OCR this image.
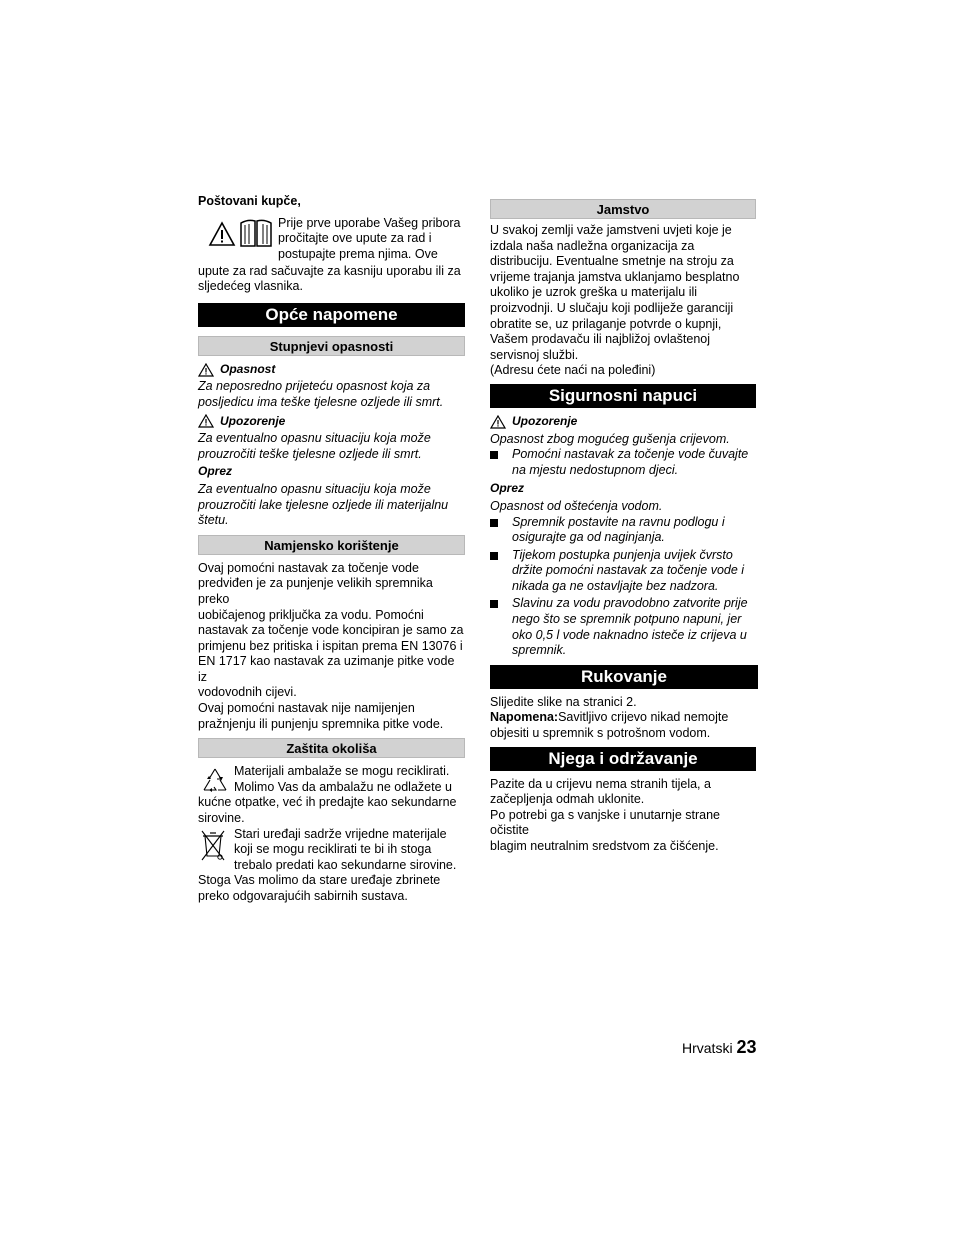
Poštovani kupče,

Prije prve uporabe Vašeg pribora

pročitajte ove upute za rad i

postupajte prema njima. Ove

upute za rad sačuvajte za kasniju uporabu ili za

sljedećeg vlasnika.

Opće napomene
Stupnjevi opasnosti
Opasnost

Za neposredno prijeteću opasnost koja za

posljedicu ima teške tjelesne ozljede ili smrt.

Upozorenje

Za eventualno opasnu situaciju koja može

prouzročiti teške tjelesne ozljede ili smrt.

Oprez

Za eventualno opasnu situaciju koja može

prouzročiti lake tjelesne ozljede ili materijalnu

štetu.

Namjensko korištenje

Ovaj pomoćni nastavak za točenje vode

predviđen je za punjenje velikih spremnika preko

uobičajenog priključka za vodu. Pomoćni

nastavak za točenje vode koncipiran je samo za

primjenu bez pritiska i ispitan prema EN 13076 i

EN 1717 kao nastavak za uzimanje pitke vode iz

vodovodnih cijevi.

Ovaj pomoćni nastavak nije namijenjen

pražnjenju ili punjenju spremnika pitke vode.

Zaštita okoliša

Materijali ambalaže se mogu reciklirati.

Molimo Vas da ambalažu ne odlažete u

kućne otpatke, već ih predajte kao sekundarne

sirovine.

Stari uređaji sadrže vrijedne materijale

koji se mogu reciklirati te bi ih stoga

trebalo predati kao sekundarne sirovine.

Stoga Vas molimo da stare uređaje zbrinete

preko odgovarajućih sabirnih sustava.

Jamstvo

U svakoj zemlji važe jamstveni uvjeti koje je

izdala naša nadležna organizacija za

distribuciju. Eventualne smetnje na stroju za

vrijeme trajanja jamstva uklanjamo besplatno

ukoliko je uzrok greška u materijalu ili

proizvodnji. U slučaju koji podliježe garanciji

obratite se, uz prilaganje potvrde o kupnji,

Vašem prodavaču ili najbližoj ovlaštenoj

servisnoj službi.

(Adresu ćete naći na poleđini)

Sigurnosni napuci
Upozorenje

Opasnost zbog mogućeg gušenja crijevom.

Pomoćni nastavak za točenje vode čuvajte

na mjestu nedostupnom djeci.

Oprez

Opasnost od oštećenja vodom.

Spremnik postavite na ravnu podlogu i

osigurajte ga od naginjanja.

Tijekom postupka punjenja uvijek čvrsto

držite pomoćni nastavak za točenje vode i

nikada ga ne ostavljajte bez nadzora.

Slavinu za vodu pravodobno zatvorite prije

nego što se spremnik potpuno napuni, jer

oko 0,5 l vode naknadno isteče iz crijeva u

spremnik.

Rukovanje

Slijedite slike na stranici 2.

Napomena:Savitljivo crijevo nikad nemojte

objesiti u spremnik s potrošnom vodom.

Njega i održavanje

Pazite da u crijevu nema stranih tijela, a

začepljenja odmah uklonite.

Po potrebi ga s vanjske i unutarnje strane očistite

blagim neutralnim sredstvom za čišćenje.

Hrvatski 23
